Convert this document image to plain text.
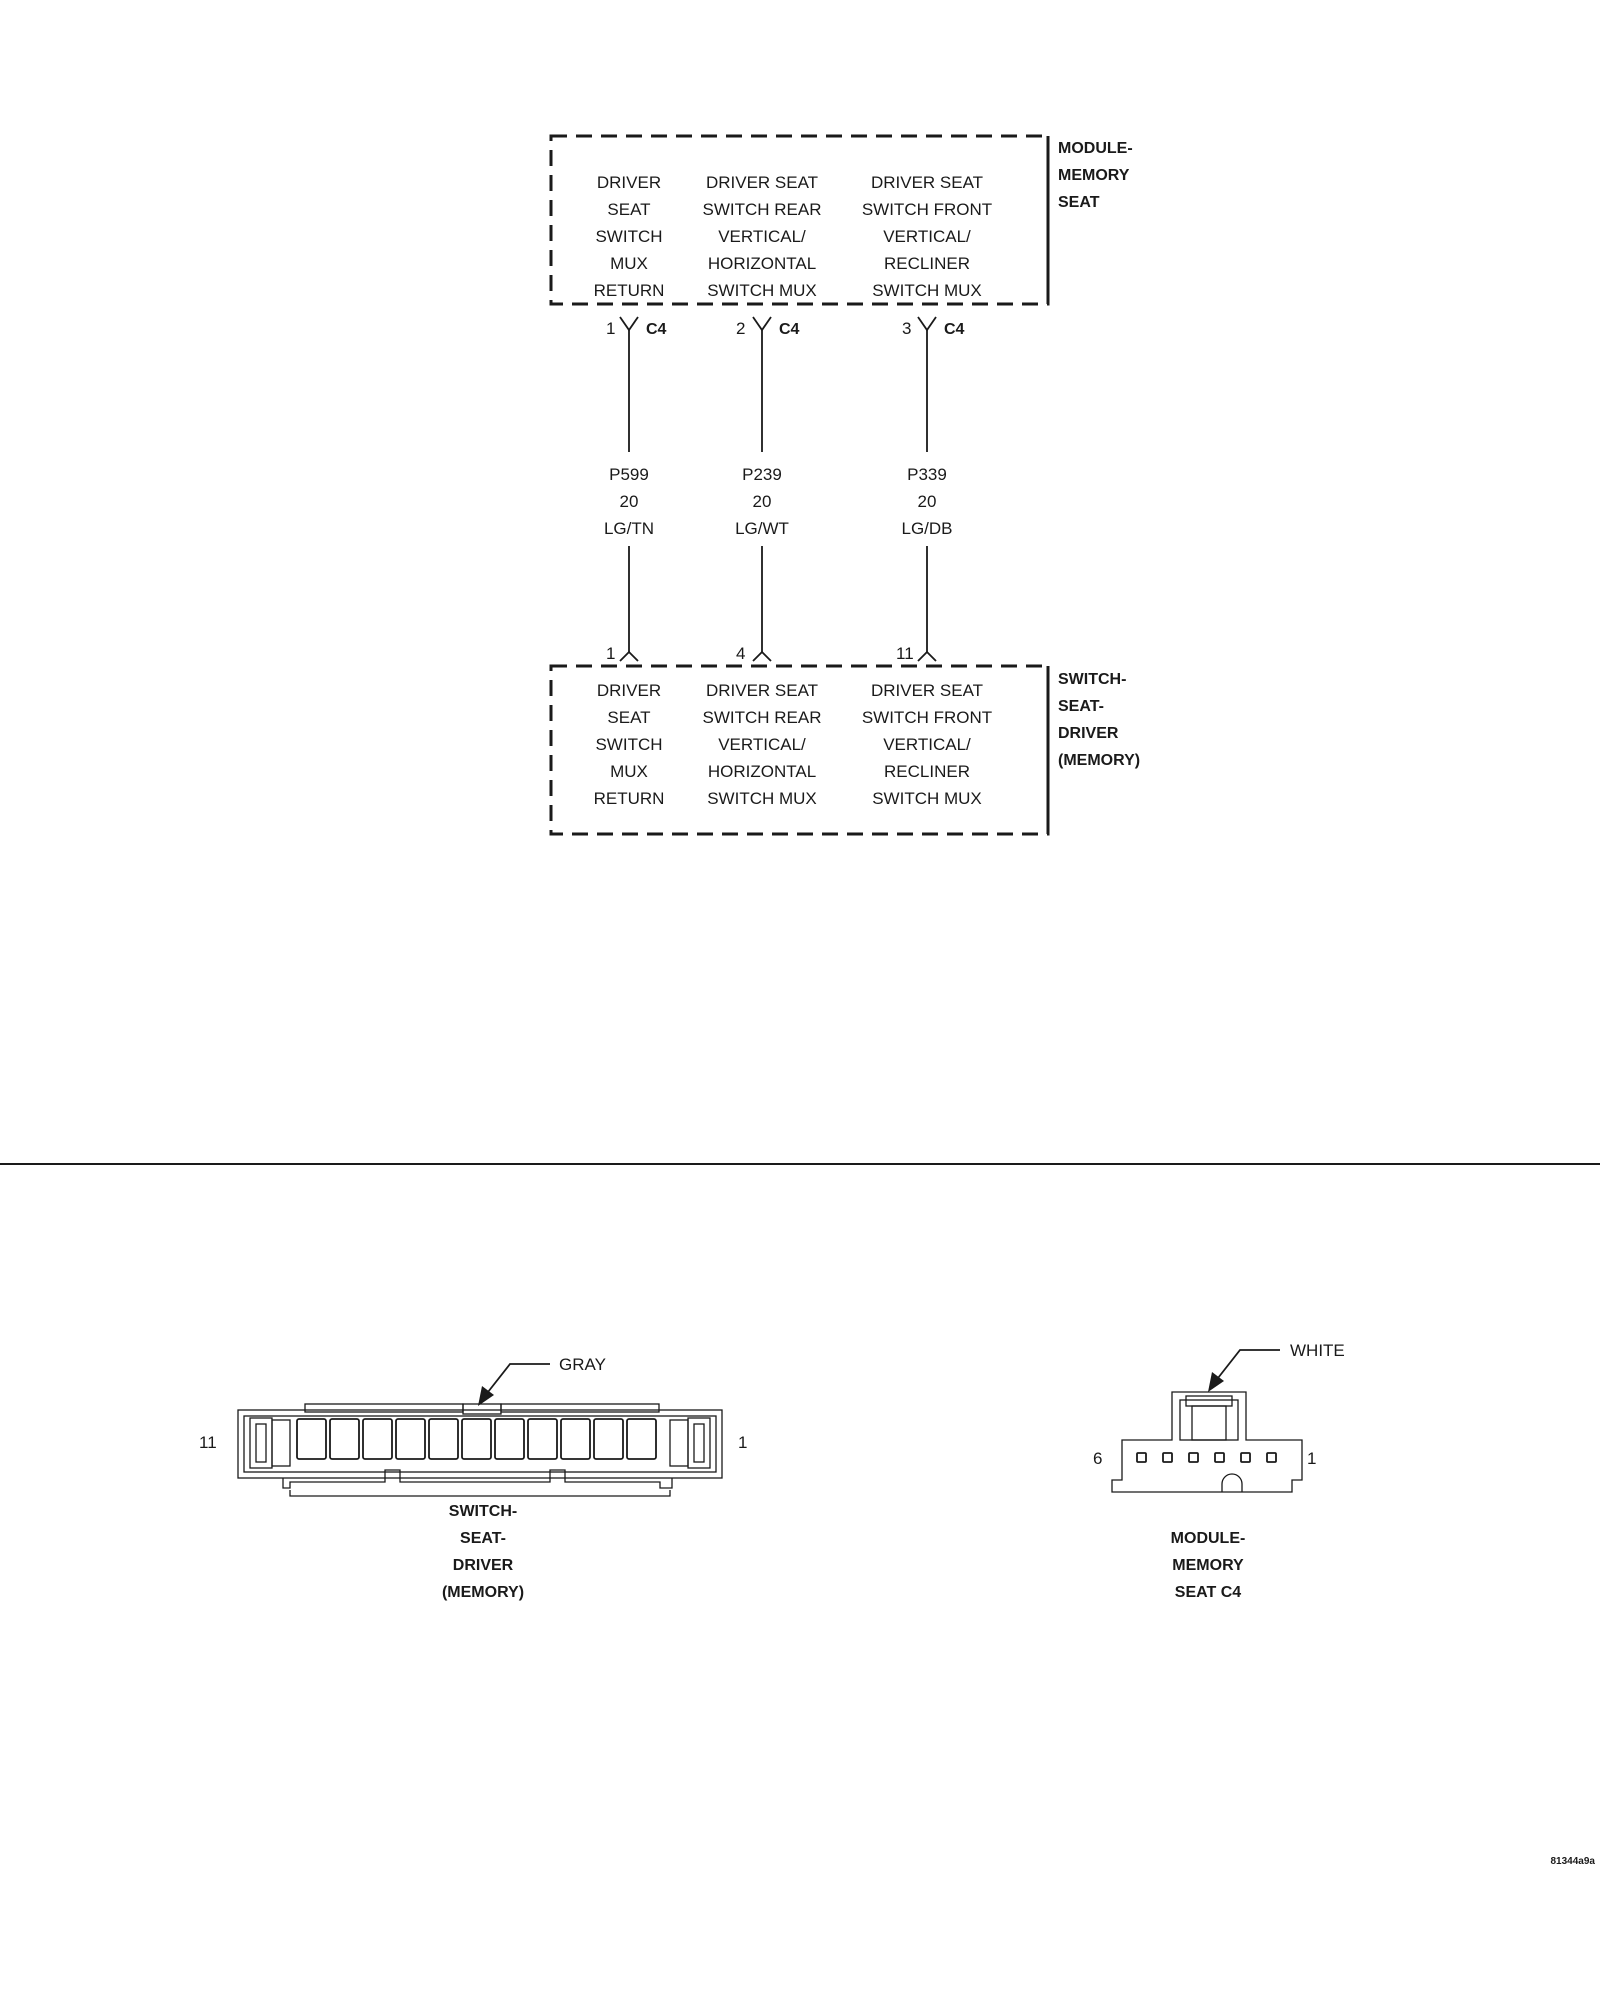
MODULE-
MEMORY
SEAT
DRIVER
SEAT
SWITCH
MUX
RETURN
DRIVER SEAT
SWITCH REAR
VERTICAL/
HORIZONTAL
SWITCH MUX
DRIVER SEAT
SWITCH FRONT
VERTICAL/
RECLINER
SWITCH MUX
1 C4	2 C4	3 C4
P599
20
LG/TN
P239
20
LG/WT
P339
20
LG/DB
1	4	11
SWITCH-
SEAT-
DRIVER
(MEMORY)
DRIVER
SEAT
SWITCH
MUX
RETURN
DRIVER SEAT
SWITCH REAR
VERTICAL/
HORIZONTAL
SWITCH MUX
DRIVER SEAT
SWITCH FRONT
VERTICAL/
RECLINER
SWITCH MUX
GRAY
11	1
SWITCH-
SEAT-
DRIVER
(MEMORY)
WHITE
6	1
MODULE-
MEMORY
SEAT C4
81344a9a
